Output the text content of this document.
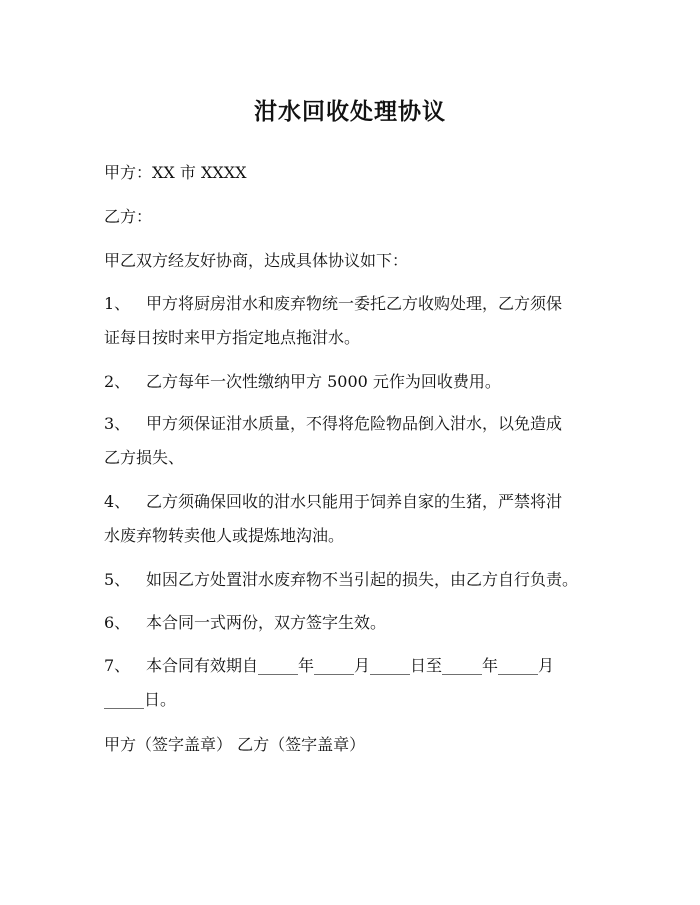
泔水回收处理协议

甲方：XX 市 XXXX

乙方：

甲乙双方经友好协商，达成具体协议如下：

1、 甲方将厨房泔水和废弃物统一委托乙方收购处理，乙方须保
证每日按时来甲方指定地点拖泔水。
2、 乙方每年一次性缴纳甲方 5000 元作为回收费用。
3、 甲方须保证泔水质量，不得将危险物品倒入泔水，以免造成
乙方损失、
4、 乙方须确保回收的泔水只能用于饲养自家的生猪，严禁将泔
水废弃物转卖他人或提炼地沟油。
5、 如因乙方处置泔水废弃物不当引起的损失，由乙方自行负责。
6、 本合同一式两份，双方签字生效。
7、 本合同有效期自_____年_____月_____日至_____年_____月
_____日。

甲方（签字盖章） 乙方（签字盖章）
